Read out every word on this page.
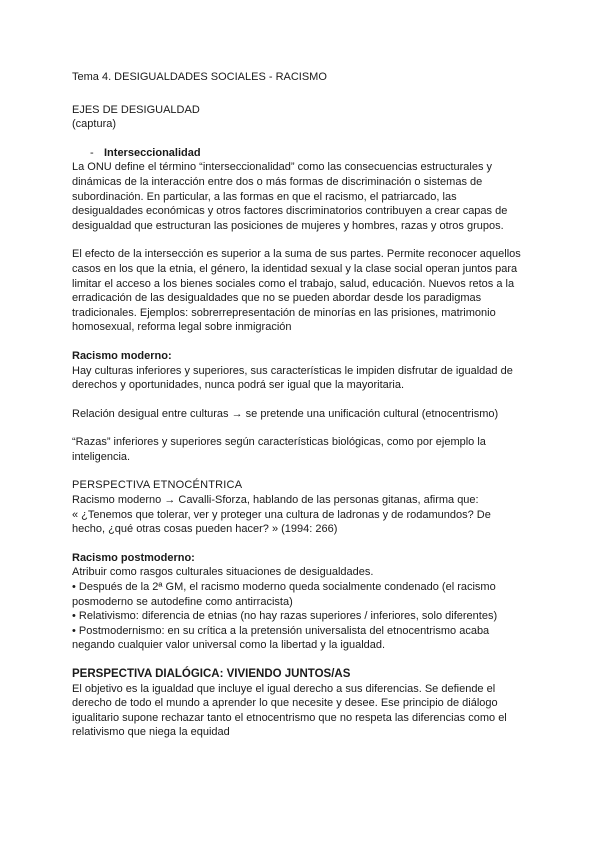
Tema 4. DESIGUALDADES SOCIALES - RACISMO

EJES DE DESIGUALDAD

(captura)

- Interseccionalidad

La ONU define el término “interseccionalidad” como las consecuencias estructurales y

dinámicas de la interacción entre dos o más formas de discriminación o sistemas de

subordinación. En particular, a las formas en que el racismo, el patriarcado, las

desigualdades económicas y otros factores discriminatorios contribuyen a crear capas de

desigualdad que estructuran las posiciones de mujeres y hombres, razas y otros grupos.

El efecto de la intersección es superior a la suma de sus partes. Permite reconocer aquellos

casos en los que la etnia, el género, la identidad sexual y la clase social operan juntos para

limitar el acceso a los bienes sociales como el trabajo, salud, educación. Nuevos retos a la

erradicación de las desigualdades que no se pueden abordar desde los paradigmas

tradicionales. Ejemplos: sobrerrepresentación de minorías en las prisiones, matrimonio

homosexual, reforma legal sobre inmigración

Racismo moderno:

Hay culturas inferiores y superiores, sus características le impiden disfrutar de igualdad de

derechos y oportunidades, nunca podrá ser igual que la mayoritaria.

Relación desigual entre culturas → se pretende una unificación cultural (etnocentrismo)

“Razas” inferiores y superiores según características biológicas, como por ejemplo la

inteligencia.

PERSPECTIVA ETNOCÉNTRICA

Racismo moderno → Cavalli-Sforza, hablando de las personas gitanas, afirma que:

« ¿Tenemos que tolerar, ver y proteger una cultura de ladronas y de rodamundos? De

hecho, ¿qué otras cosas pueden hacer? » (1994: 266)

Racismo postmoderno:

Atribuir como rasgos culturales situaciones de desigualdades.

• Después de la 2ª GM, el racismo moderno queda socialmente condenado (el racismo

posmoderno se autodefine como antirracista)

• Relativismo: diferencia de etnias (no hay razas superiores / inferiores, solo diferentes)

• Postmodernismo: en su crítica a la pretensión universalista del etnocentrismo acaba

negando cualquier valor universal como la libertad y la igualdad.

PERSPECTIVA DIALÓGICA: VIVIENDO JUNTOS/AS

El objetivo es la igualdad que incluye el igual derecho a sus diferencias. Se defiende el

derecho de todo el mundo a aprender lo que necesite y desee. Ese principio de diálogo

igualitario supone rechazar tanto el etnocentrismo que no respeta las diferencias como el

relativismo que niega la equidad
